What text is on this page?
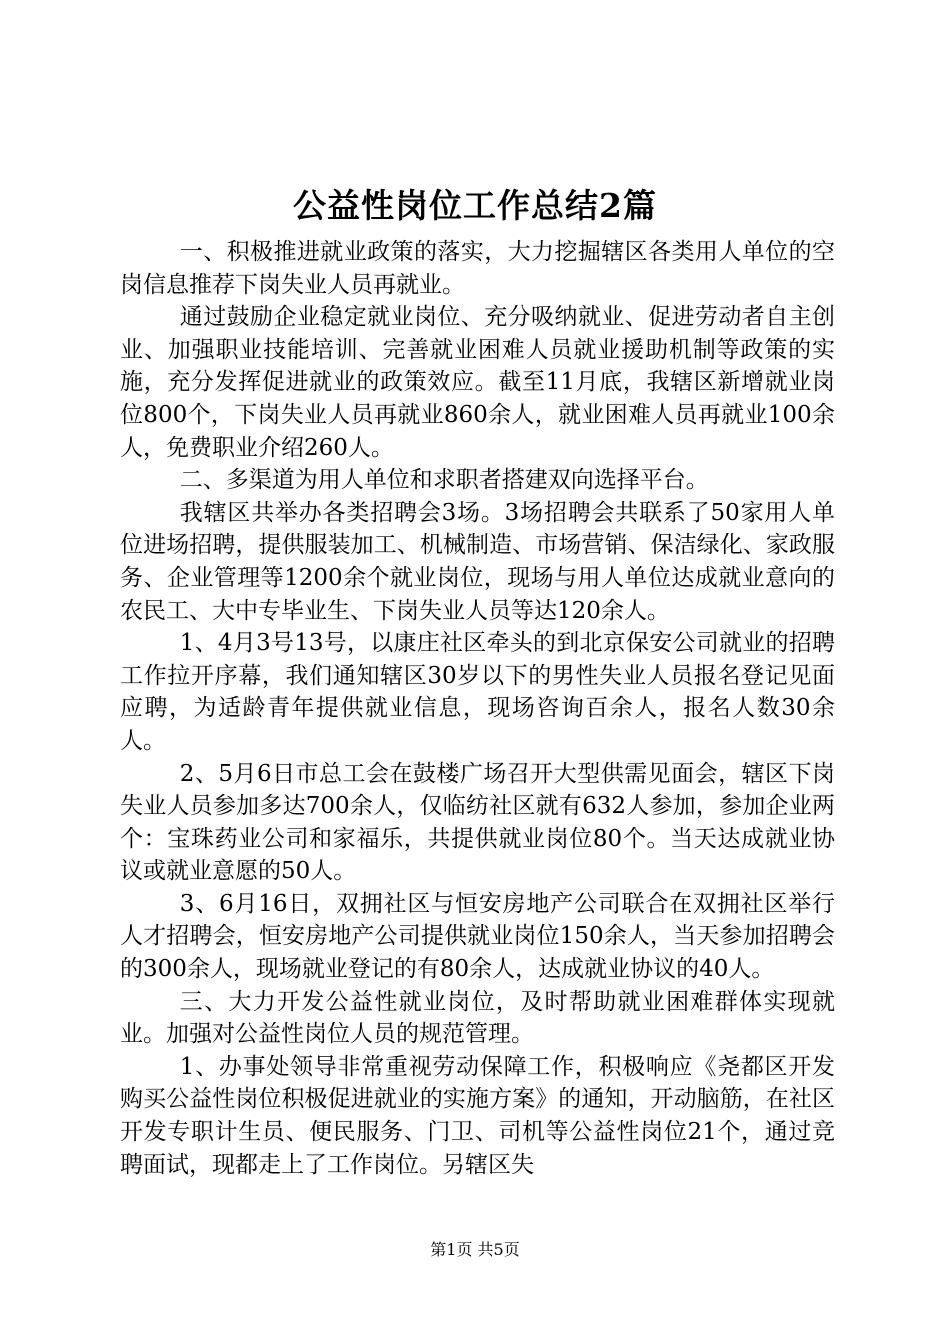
公益性岗位工作总结2篇

一、积极推进就业政策的落实，大力挖掘辖区各类用人单位的空岗信息推荐下岗失业人员再就业。

通过鼓励企业稳定就业岗位、充分吸纳就业、促进劳动者自主创业、加强职业技能培训、完善就业困难人员就业援助机制等政策的实施，充分发挥促进就业的政策效应。截至11月底，我辖区新增就业岗位800个，下岗失业人员再就业860余人，就业困难人员再就业100余人，免费职业介绍260人。

二、多渠道为用人单位和求职者搭建双向选择平台。

我辖区共举办各类招聘会3场。3场招聘会共联系了50家用人单位进场招聘，提供服装加工、机械制造、市场营销、保洁绿化、家政服务、企业管理等1200余个就业岗位，现场与用人单位达成就业意向的农民工、大中专毕业生、下岗失业人员等达120余人。

1、4月3号13号，以康庄社区牵头的到北京保安公司就业的招聘工作拉开序幕，我们通知辖区30岁以下的男性失业人员报名登记见面应聘，为适龄青年提供就业信息，现场咨询百余人，报名人数30余人。

2、5月6日市总工会在鼓楼广场召开大型供需见面会，辖区下岗失业人员参加多达700余人，仅临纺社区就有632人参加，参加企业两个：宝珠药业公司和家福乐，共提供就业岗位80个。当天达成就业协议或就业意愿的50人。

3、6月16日，双拥社区与恒安房地产公司联合在双拥社区举行人才招聘会，恒安房地产公司提供就业岗位150余人，当天参加招聘会的300余人，现场就业登记的有80余人，达成就业协议的40人。

三、大力开发公益性就业岗位，及时帮助就业困难群体实现就业。加强对公益性岗位人员的规范管理。

1、办事处领导非常重视劳动保障工作，积极响应《尧都区开发购买公益性岗位积极促进就业的实施方案》的通知，开动脑筋，在社区开发专职计生员、便民服务、门卫、司机等公益性岗位21个，通过竞聘面试，现都走上了工作岗位。另辖区失

第1页 共5页
